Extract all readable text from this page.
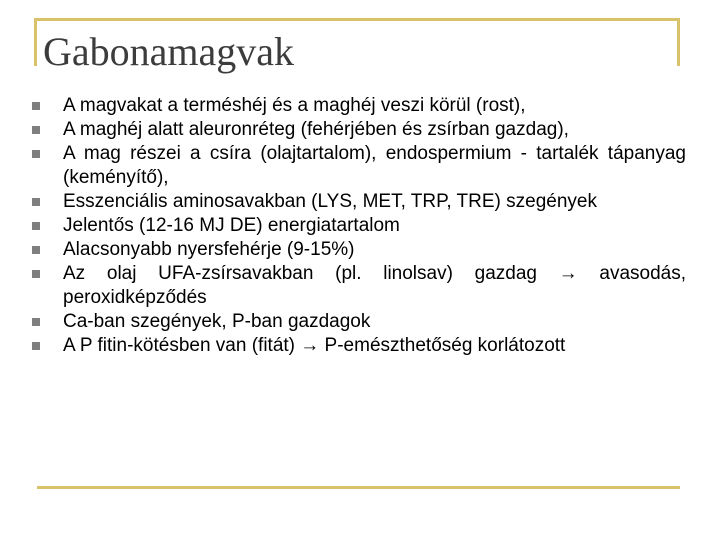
Gabonamagvak
A magvakat a terméshéj és a maghéj veszi körül (rost),
A maghéj alatt aleuronréteg (fehérjében és zsírban gazdag),
A mag részei a csíra (olajtartalom), endospermium - tartalék tápanyag (keményítő),
Esszenciális aminosavakban (LYS, MET, TRP, TRE) szegények
Jelentős (12-16 MJ DE) energiatartalom
Alacsonyabb nyersfehérje (9-15%)
Az olaj UFA-zsírsavakban (pl. linolsav) gazdag → avasodás, peroxidképződés
Ca-ban szegények, P-ban gazdagok
A P fitin-kötésben van (fitát) → P-emészthetőség korlátozott
